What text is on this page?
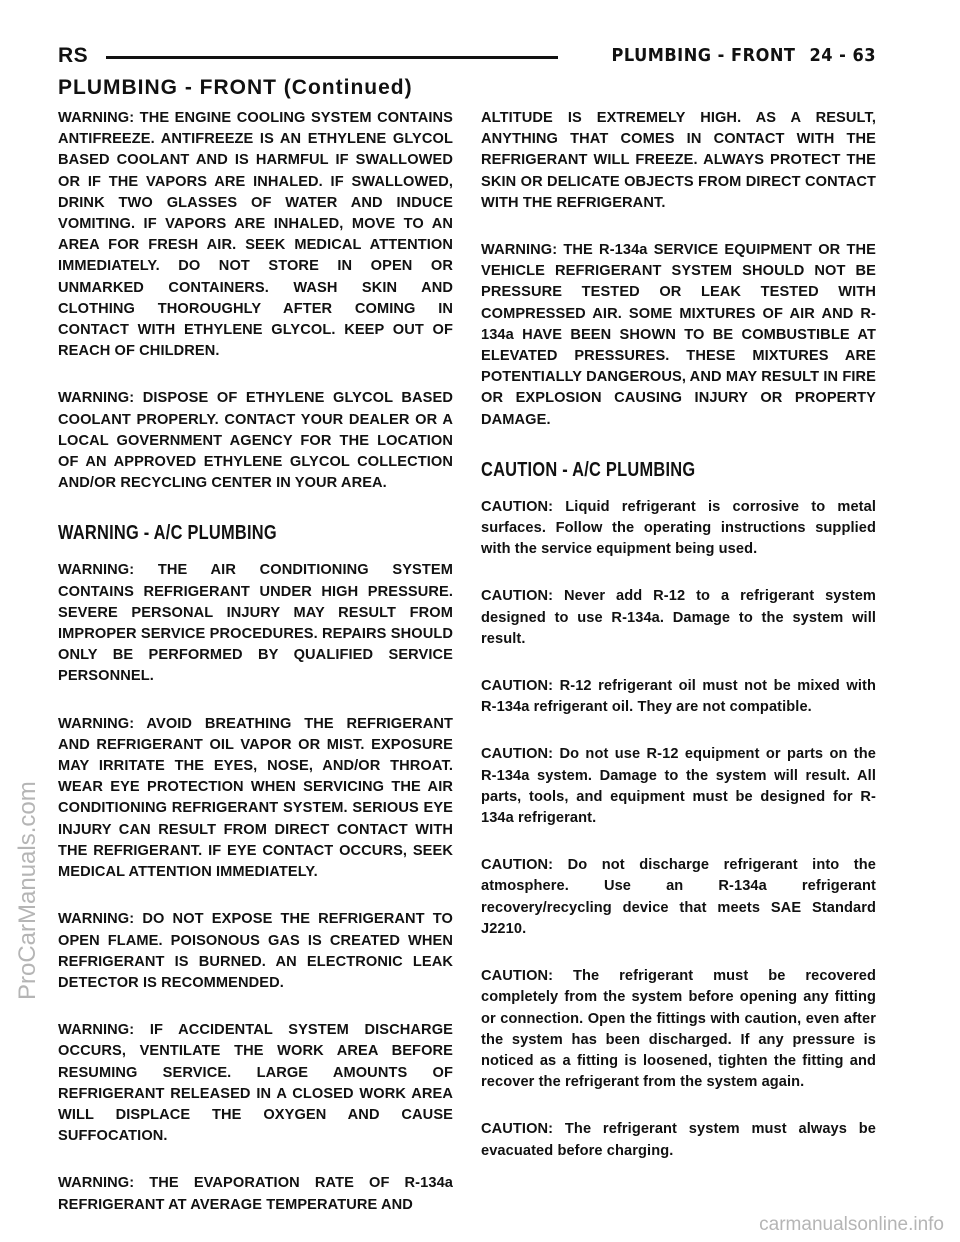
RS	PLUMBING - FRONT 24 - 63
PLUMBING - FRONT (Continued)

WARNING: THE ENGINE COOLING SYSTEM CONTAINS ANTIFREEZE. ANTIFREEZE IS AN ETHYLENE GLYCOL BASED COOLANT AND IS HARMFUL IF SWALLOWED OR IF THE VAPORS ARE INHALED. IF SWALLOWED, DRINK TWO GLASSES OF WATER AND INDUCE VOMITING. IF VAPORS ARE INHALED, MOVE TO AN AREA FOR FRESH AIR. SEEK MEDICAL ATTENTION IMMEDIATELY. DO NOT STORE IN OPEN OR UNMARKED CONTAINERS. WASH SKIN AND CLOTHING THOROUGHLY AFTER COMING IN CONTACT WITH ETHYLENE GLYCOL. KEEP OUT OF REACH OF CHILDREN.

WARNING: DISPOSE OF ETHYLENE GLYCOL BASED COOLANT PROPERLY. CONTACT YOUR DEALER OR A LOCAL GOVERNMENT AGENCY FOR THE LOCATION OF AN APPROVED ETHYLENE GLYCOL COLLECTION AND/OR RECYCLING CENTER IN YOUR AREA.

WARNING - A/C PLUMBING

WARNING: THE AIR CONDITIONING SYSTEM CONTAINS REFRIGERANT UNDER HIGH PRESSURE. SEVERE PERSONAL INJURY MAY RESULT FROM IMPROPER SERVICE PROCEDURES. REPAIRS SHOULD ONLY BE PERFORMED BY QUALIFIED SERVICE PERSONNEL.

WARNING: AVOID BREATHING THE REFRIGERANT AND REFRIGERANT OIL VAPOR OR MIST. EXPOSURE MAY IRRITATE THE EYES, NOSE, AND/OR THROAT. WEAR EYE PROTECTION WHEN SERVICING THE AIR CONDITIONING REFRIGERANT SYSTEM. SERIOUS EYE INJURY CAN RESULT FROM DIRECT CONTACT WITH THE REFRIGERANT. IF EYE CONTACT OCCURS, SEEK MEDICAL ATTENTION IMMEDIATELY.

WARNING: DO NOT EXPOSE THE REFRIGERANT TO OPEN FLAME. POISONOUS GAS IS CREATED WHEN REFRIGERANT IS BURNED. AN ELECTRONIC LEAK DETECTOR IS RECOMMENDED.

WARNING: IF ACCIDENTAL SYSTEM DISCHARGE OCCURS, VENTILATE THE WORK AREA BEFORE RESUMING SERVICE. LARGE AMOUNTS OF REFRIGERANT RELEASED IN A CLOSED WORK AREA WILL DISPLACE THE OXYGEN AND CAUSE SUFFOCATION.

WARNING: THE EVAPORATION RATE OF R-134a REFRIGERANT AT AVERAGE TEMPERATURE AND

ALTITUDE IS EXTREMELY HIGH. AS A RESULT, ANYTHING THAT COMES IN CONTACT WITH THE REFRIGERANT WILL FREEZE. ALWAYS PROTECT THE SKIN OR DELICATE OBJECTS FROM DIRECT CONTACT WITH THE REFRIGERANT.

WARNING: THE R-134a SERVICE EQUIPMENT OR THE VEHICLE REFRIGERANT SYSTEM SHOULD NOT BE PRESSURE TESTED OR LEAK TESTED WITH COMPRESSED AIR. SOME MIXTURES OF AIR AND R-134a HAVE BEEN SHOWN TO BE COMBUSTIBLE AT ELEVATED PRESSURES. THESE MIXTURES ARE POTENTIALLY DANGEROUS, AND MAY RESULT IN FIRE OR EXPLOSION CAUSING INJURY OR PROPERTY DAMAGE.

CAUTION - A/C PLUMBING

CAUTION: Liquid refrigerant is corrosive to metal surfaces. Follow the operating instructions supplied with the service equipment being used.

CAUTION: Never add R-12 to a refrigerant system designed to use R-134a. Damage to the system will result.

CAUTION: R-12 refrigerant oil must not be mixed with R-134a refrigerant oil. They are not compatible.

CAUTION: Do not use R-12 equipment or parts on the R-134a system. Damage to the system will result. All parts, tools, and equipment must be designed for R-134a refrigerant.

CAUTION: Do not discharge refrigerant into the atmosphere. Use an R-134a refrigerant recovery/recycling device that meets SAE Standard J2210.

CAUTION: The refrigerant must be recovered completely from the system before opening any fitting or connection. Open the fittings with caution, even after the system has been discharged. If any pressure is noticed as a fitting is loosened, tighten the fitting and recover the refrigerant from the system again.

CAUTION: The refrigerant system must always be evacuated before charging.

ProCarManuals.com
carmanualsonline.info
